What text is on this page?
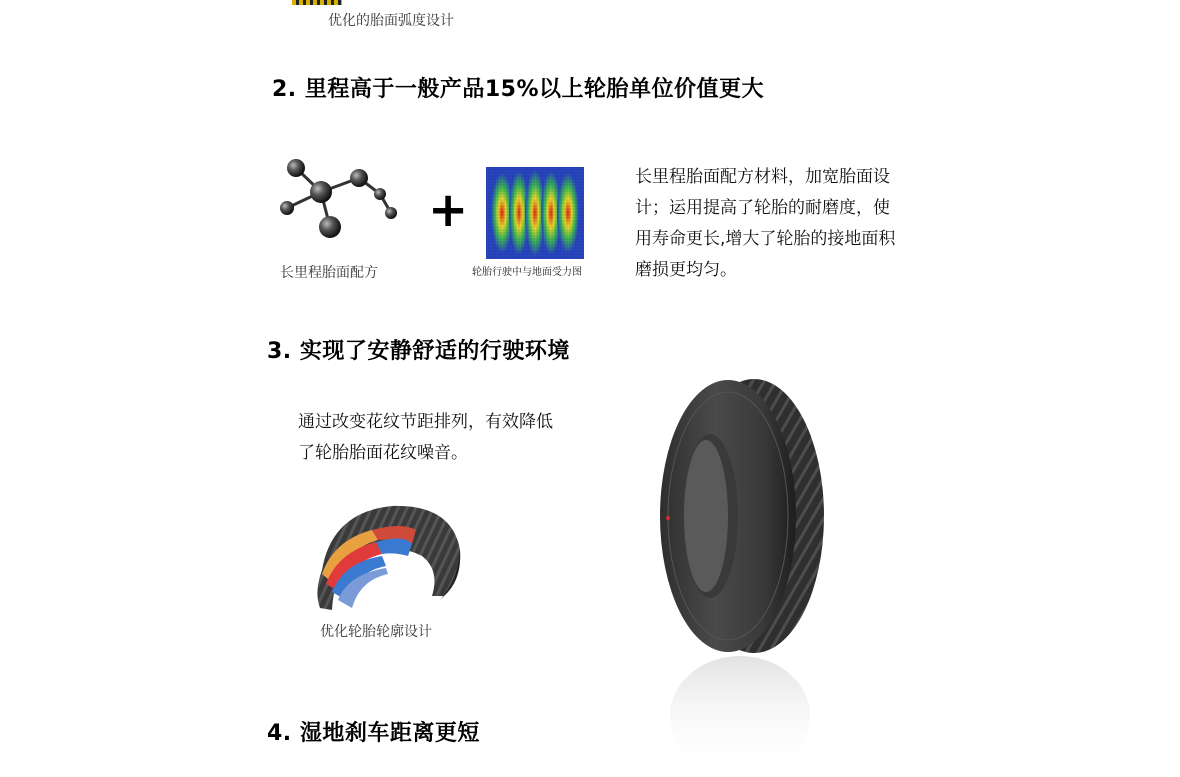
优化的胎面弧度设计
2. 里程高于一般产品15%以上轮胎单位价值更大
长里程胎面配方
+
轮胎行驶中与地面受力图
长里程胎面配方材料，加宽胎面设
计；运用提高了轮胎的耐磨度，使
用寿命更长,增大了轮胎的接地面积
磨损更均匀。
3. 实现了安静舒适的行驶环境
通过改变花纹节距排列，有效降低
了轮胎胎面花纹噪音。
优化轮胎轮廓设计
4. 湿地刹车距离更短
